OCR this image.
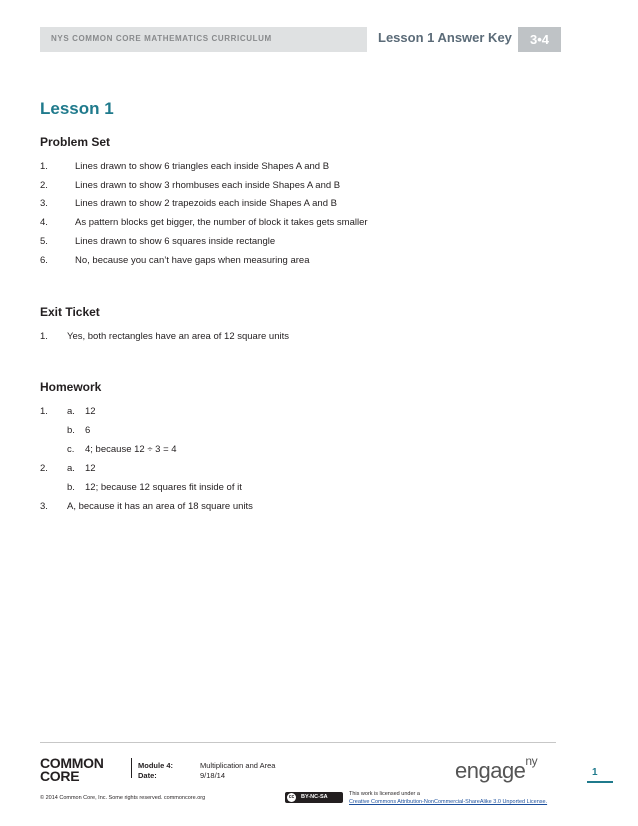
NYS COMMON CORE MATHEMATICS CURRICULUM	Lesson 1 Answer Key	3•4
Lesson 1
Problem Set
1.	Lines drawn to show 6 triangles each inside Shapes A and B
2.	Lines drawn to show 3 rhombuses each inside Shapes A and B
3.	Lines drawn to show 2 trapezoids each inside Shapes A and B
4.	As pattern blocks get bigger, the number of block it takes gets smaller
5.	Lines drawn to show 6 squares inside rectangle
6.	No, because you can’t have gaps when measuring area
Exit Ticket
1. Yes, both rectangles have an area of 12 square units
Homework
1. a. 12
b. 6
c. 4; because 12 ÷ 3 = 4
2. a. 12
b. 12; because 12 squares fit inside of it
3. A, because it has an area of 18 square units
COMMON
CORE
Module 4:	Multiplication and Area
Date:	9/18/14	engage$^{ny}$
1
© 2014 Common Core, Inc. Some rights reserved. commoncore.org	cc	BY-NC-SA	This work is licensed under a
Creative Commons Attribution-NonCommercial-ShareAlike 3.0 Unported License.
